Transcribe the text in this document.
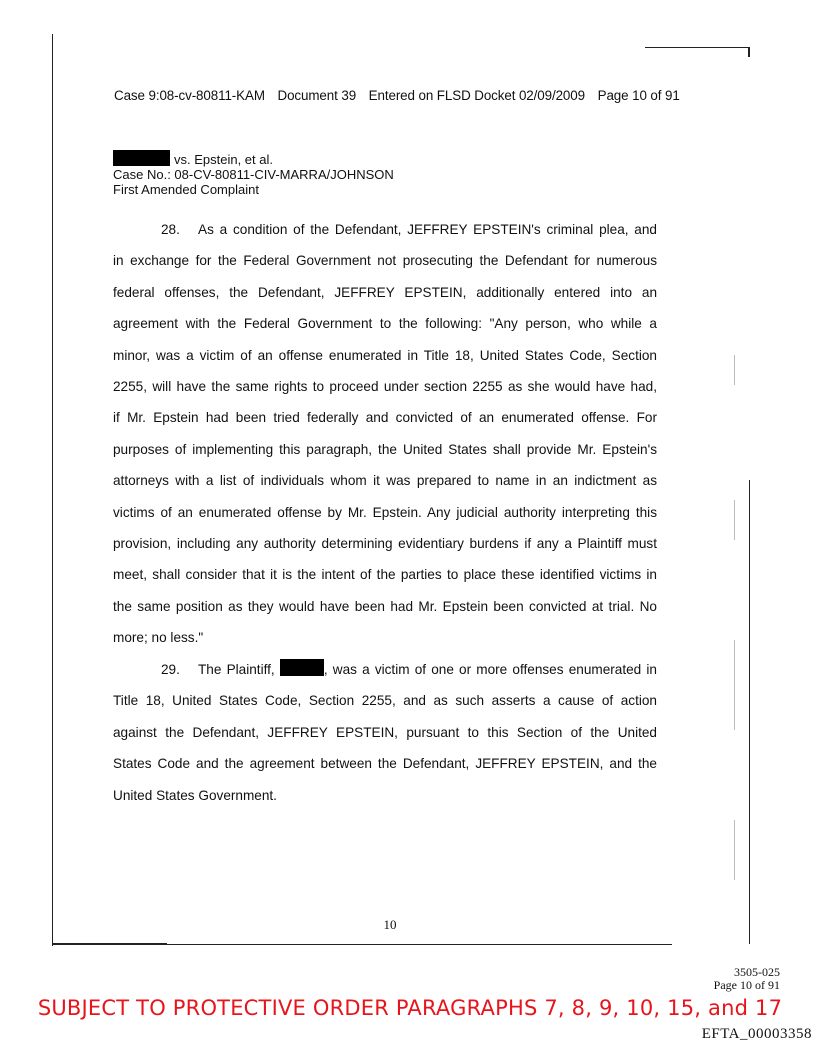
Case 9:08-cv-80811-KAM Document 39 Entered on FLSD Docket 02/09/2009 Page 10 of 91
vs. Epstein, et al.
Case No.: 08-CV-80811-CIV-MARRA/JOHNSON
First Amended Complaint
28. As a condition of the Defendant, JEFFREY EPSTEIN's criminal plea, and
in exchange for the Federal Government not prosecuting the Defendant for numerous
federal offenses, the Defendant, JEFFREY EPSTEIN, additionally entered into an
agreement with the Federal Government to the following: "Any person, who while a
minor, was a victim of an offense enumerated in Title 18, United States Code, Section
2255, will have the same rights to proceed under section 2255 as she would have had,
if Mr. Epstein had been tried federally and convicted of an enumerated offense. For
purposes of implementing this paragraph, the United States shall provide Mr. Epstein's
attorneys with a list of individuals whom it was prepared to name in an indictment as
victims of an enumerated offense by Mr. Epstein. Any judicial authority interpreting this
provision, including any authority determining evidentiary burdens if any a Plaintiff must
meet, shall consider that it is the intent of the parties to place these identified victims in
the same position as they would have been had Mr. Epstein been convicted at trial. No
more; no less."
29. The Plaintiff,	, was a victim of one or more offenses enumerated in
Title 18, United States Code, Section 2255, and as such asserts a cause of action
against the Defendant, JEFFREY EPSTEIN, pursuant to this Section of the United
States Code and the agreement between the Defendant, JEFFREY EPSTEIN, and the
United States Government.
10
3505-025
Page 10 of 91
SUBJECT TO PROTECTIVE ORDER PARAGRAPHS 7, 8, 9, 10, 15, and 17
EFTA_00003358
